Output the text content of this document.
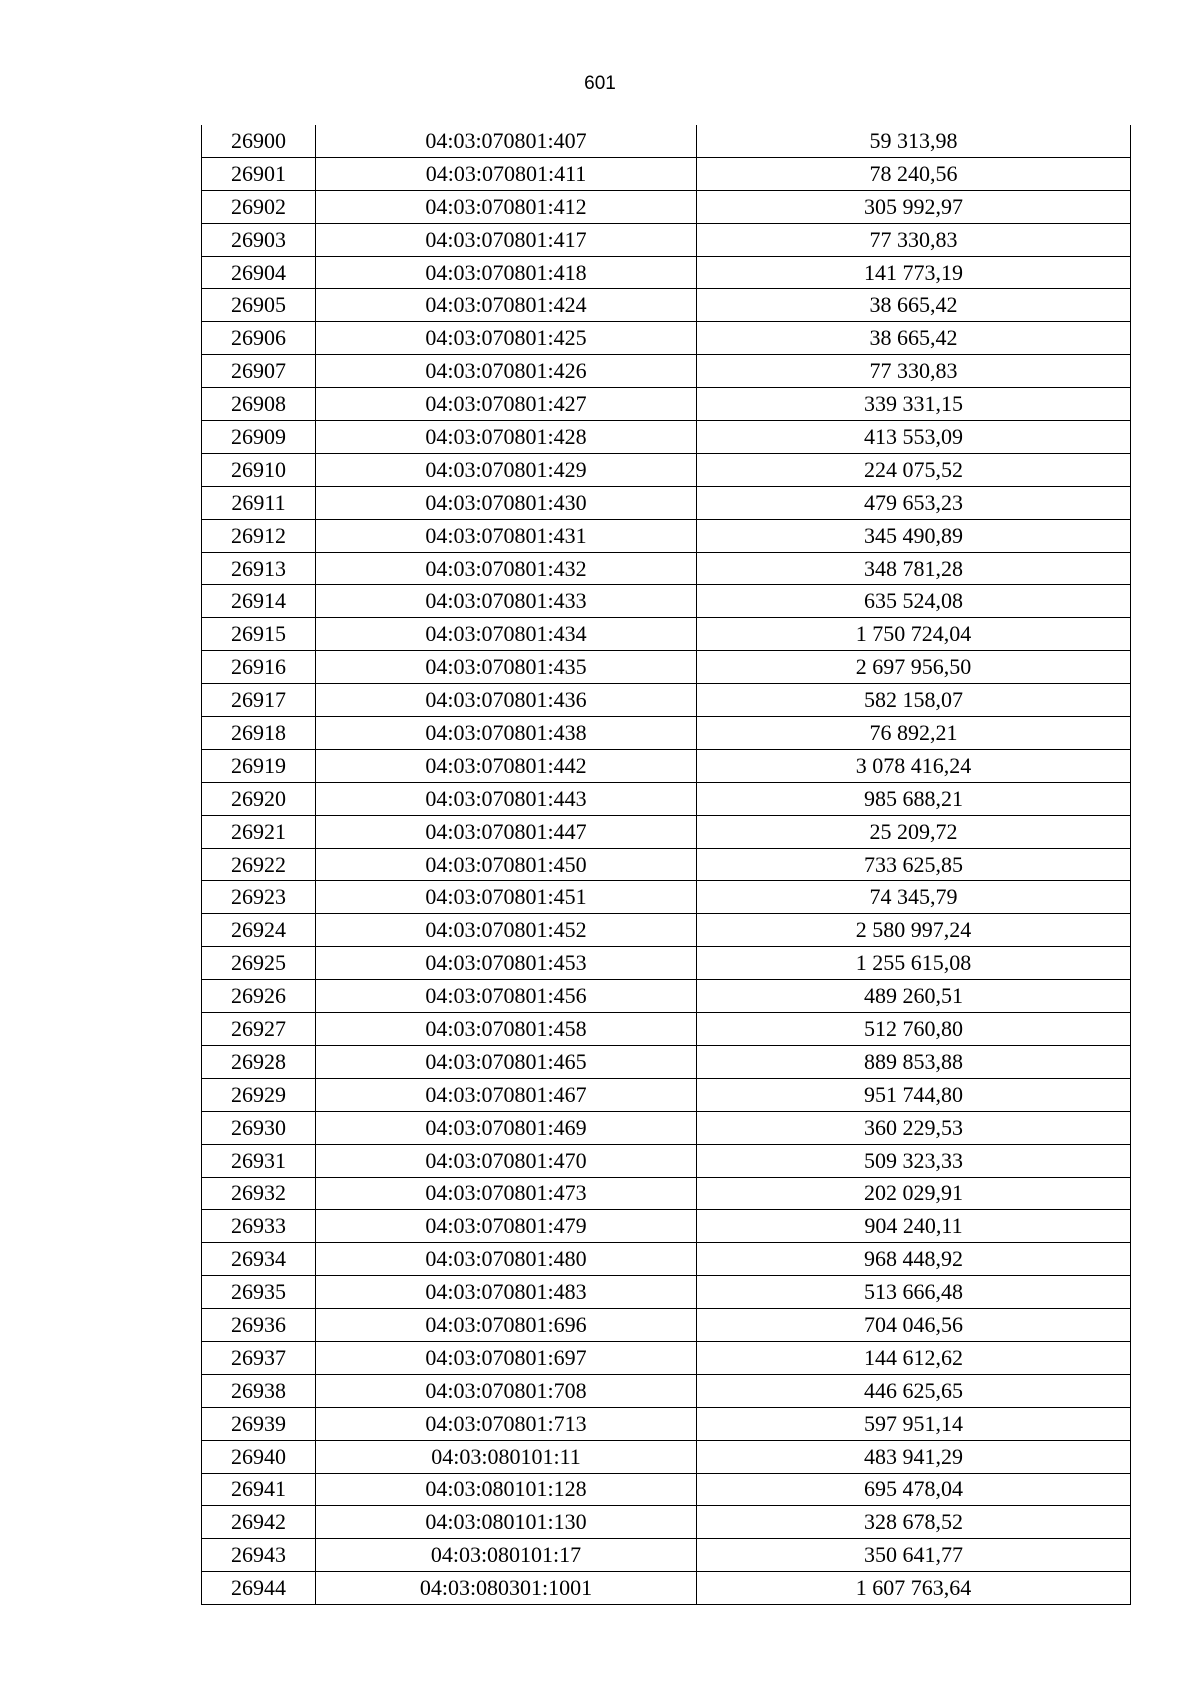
601
26900	04:03:070801:407	59 313,98
26901	04:03:070801:411	78 240,56
26902	04:03:070801:412	305 992,97
26903	04:03:070801:417	77 330,83
26904	04:03:070801:418	141 773,19
26905	04:03:070801:424	38 665,42
26906	04:03:070801:425	38 665,42
26907	04:03:070801:426	77 330,83
26908	04:03:070801:427	339 331,15
26909	04:03:070801:428	413 553,09
26910	04:03:070801:429	224 075,52
26911	04:03:070801:430	479 653,23
26912	04:03:070801:431	345 490,89
26913	04:03:070801:432	348 781,28
26914	04:03:070801:433	635 524,08
26915	04:03:070801:434	1 750 724,04
26916	04:03:070801:435	2 697 956,50
26917	04:03:070801:436	582 158,07
26918	04:03:070801:438	76 892,21
26919	04:03:070801:442	3 078 416,24
26920	04:03:070801:443	985 688,21
26921	04:03:070801:447	25 209,72
26922	04:03:070801:450	733 625,85
26923	04:03:070801:451	74 345,79
26924	04:03:070801:452	2 580 997,24
26925	04:03:070801:453	1 255 615,08
26926	04:03:070801:456	489 260,51
26927	04:03:070801:458	512 760,80
26928	04:03:070801:465	889 853,88
26929	04:03:070801:467	951 744,80
26930	04:03:070801:469	360 229,53
26931	04:03:070801:470	509 323,33
26932	04:03:070801:473	202 029,91
26933	04:03:070801:479	904 240,11
26934	04:03:070801:480	968 448,92
26935	04:03:070801:483	513 666,48
26936	04:03:070801:696	704 046,56
26937	04:03:070801:697	144 612,62
26938	04:03:070801:708	446 625,65
26939	04:03:070801:713	597 951,14
26940	04:03:080101:11	483 941,29
26941	04:03:080101:128	695 478,04
26942	04:03:080101:130	328 678,52
26943	04:03:080101:17	350 641,77
26944	04:03:080301:1001	1 607 763,64
